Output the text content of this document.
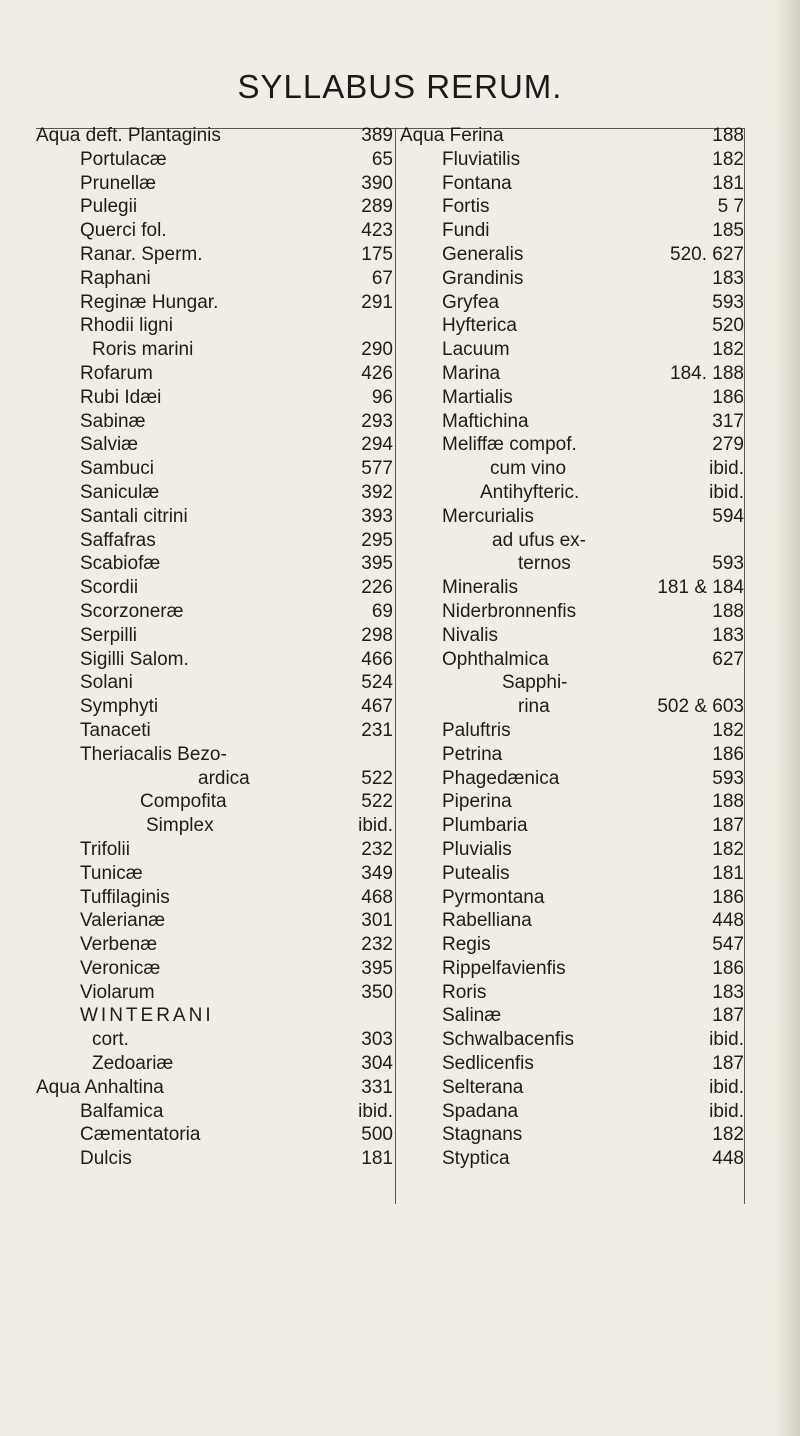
SYLLABUS RERUM.
Aqua deft. Plantaginis	389
Portulacæ	65
Prunellæ	390
Pulegii	289
Querci fol.	423
Ranar. Sperm.	175
Raphani	67
Reginæ Hungar.	291
Rhodii ligni
Roris marini	290
Rofarum	426
Rubi Idæi	96
Sabinæ	293
Salviæ	294
Sambuci	577
Saniculæ	392
Santali citrini	393
Saffafras	295
Scabiofæ	395
Scordii	226
Scorzoneræ	69
Serpilli	298
Sigilli Salom.	466
Solani	524
Symphyti	467
Tanaceti	231
Theriacalis Bezo-
ardica	522
Compofita	522
Simplex	ibid.
Trifolii	232
Tunicæ	349
Tuffilaginis	468
Valerianæ	301
Verbenæ	232
Veronicæ	395
Violarum	350
WINTERANI
cort.	303
Zedoariæ	304
Aqua Anhaltina	331
Balfamica	ibid.
Cæmentatoria	500
Dulcis	181
Aqua Ferina	188
Fluviatilis	182
Fontana	181
Fortis	5 7
Fundi	185
Generalis	520. 627
Grandinis	183
Gryfea	593
Hyfterica	520
Lacuum	182
Marina	184. 188
Martialis	186
Maftichina	317
Meliffæ compof.	279
cum vino	ibid.
Antihyfteric.	ibid.
Mercurialis	594
ad ufus ex-
ternos	593
Mineralis	181 & 184
Niderbronnenfis	188
Nivalis	183
Ophthalmica	627
Sapphi-
rina	502 & 603
Paluftris	182
Petrina	186
Phagedænica	593
Piperina	188
Plumbaria	187
Pluvialis	182
Putealis	181
Pyrmontana	186
Rabelliana	448
Regis	547
Rippelfavienfis	186
Roris	183
Salinæ	187
Schwalbacenfis	ibid.
Sedlicenfis	187
Selterana	ibid.
Spadana	ibid.
Stagnans	182
Styptica	448
